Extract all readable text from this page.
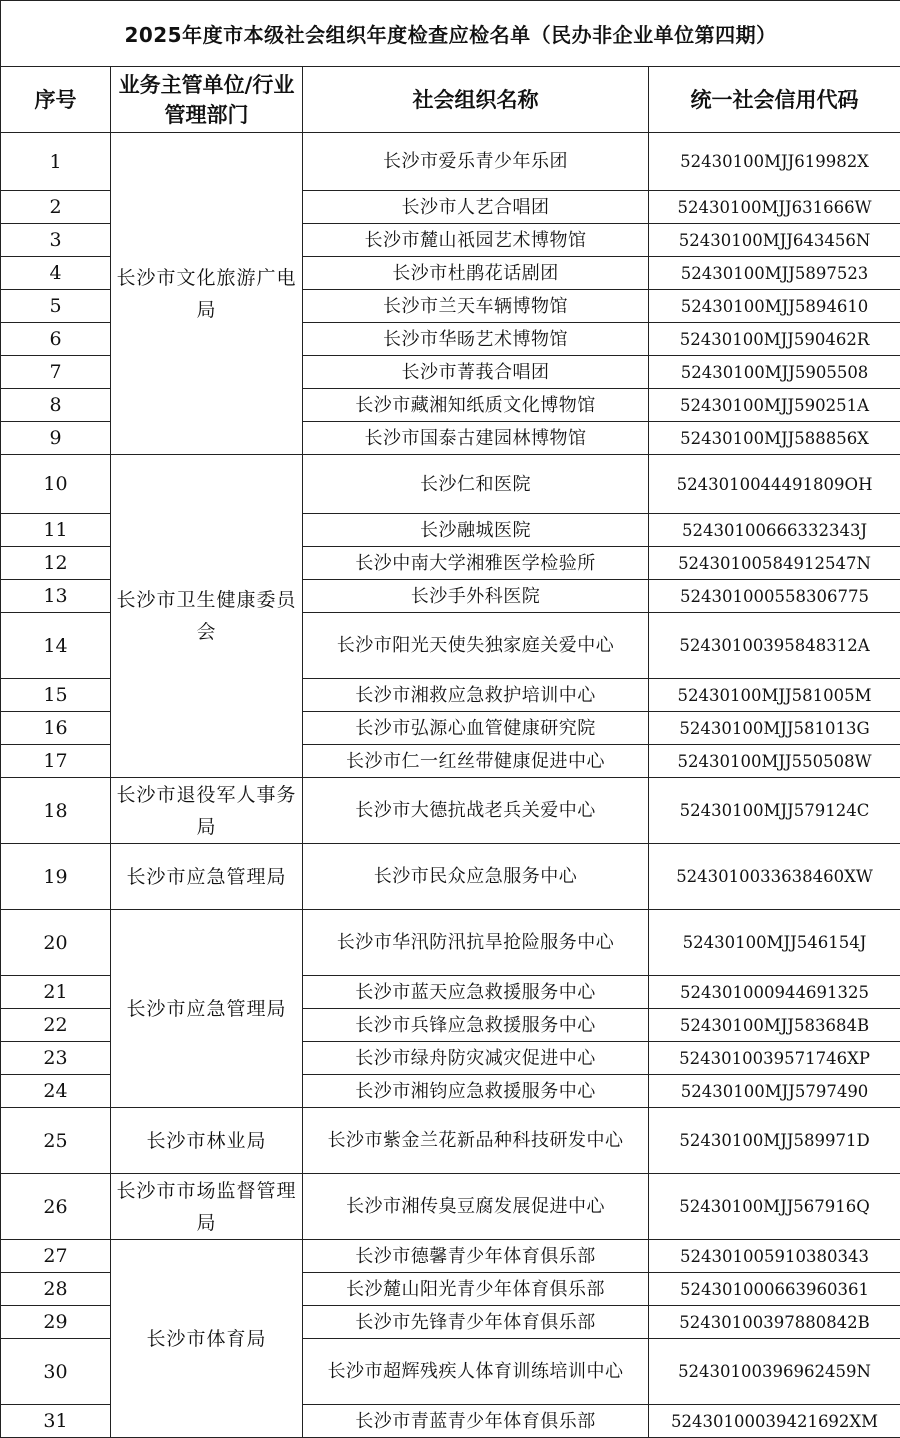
2025年度市本级社会组织年度检查应检名单（民办非企业单位第四期）			
序号	业务主管单位/行业管理部门	社会组织名称	统一社会信用代码
1	长沙市文化旅游广电局	长沙市爱乐青少年乐团	52430100MJJ619982X
2		长沙市人艺合唱团	52430100MJJ631666W
3		长沙市麓山祇园艺术博物馆	52430100MJJ643456N
4		长沙市杜鹃花话剧团	52430100MJJ5897523
5		长沙市兰天车辆博物馆	52430100MJJ5894610
6		长沙市华旸艺术博物馆	52430100MJJ590462R
7		长沙市菁莪合唱团	52430100MJJ5905508
8		长沙市藏湘知纸质文化博物馆	52430100MJJ590251A
9		长沙市国泰古建园林博物馆	52430100MJJ588856X
10	长沙市卫生健康委员会	长沙仁和医院	5243010044491809OH
11		长沙融城医院	524301006663323​43J
12		长沙中南大学湘雅医学检验所	52430100584912547N
13		长沙手外科医院	524301000558306775
14		长沙市阳光天使失独家庭关爱中心	52430100395848312A
15		长沙市湘救应急救护培训中心	52430100MJJ581005M
16		长沙市弘源心血管健康研究院	52430100MJJ581013G
17		长沙市仁一红丝带健康促进中心	52430100MJJ550508W
18	长沙市退役军人事务局	长沙市大德抗战老兵关爱中心	52430100MJJ579124C
19	长沙市应急管理局	长沙市民众应急服务中心	524301003363846​0XW
20	长沙市应急管理局	长沙市华汛防汛抗旱抢险服务中心	52430100MJJ546154J
21		长沙市蓝天应急救援服务中心	524301000944691325
22		长沙市兵锋应急救援服务中心	52430100MJJ583684B
23		长沙市绿舟防灾减灾促进中心	52430100395717​46XP
24		长沙市湘钧应急救援服务中心	52430100MJJ5797490
25	长沙市林业局	长沙市紫金兰花新品种科技研发中心	52430100MJJ589971D
26	长沙市市场监督管理局	长沙市湘传臭豆腐发展促进中心	52430100MJJ567916Q
27	长沙市体育局	长沙市德馨青少年体育俱乐部	524301005910380343
28		长沙麓山阳光青少年体育俱乐部	524301000663960361
29		长沙市先锋青少年体育俱乐部	52430100397880842B
30		长沙市超辉残疾人体育训练培训中心	52430100396962459N
31		长沙市青蓝青少年体育俱乐部	524301000394216​92XM
